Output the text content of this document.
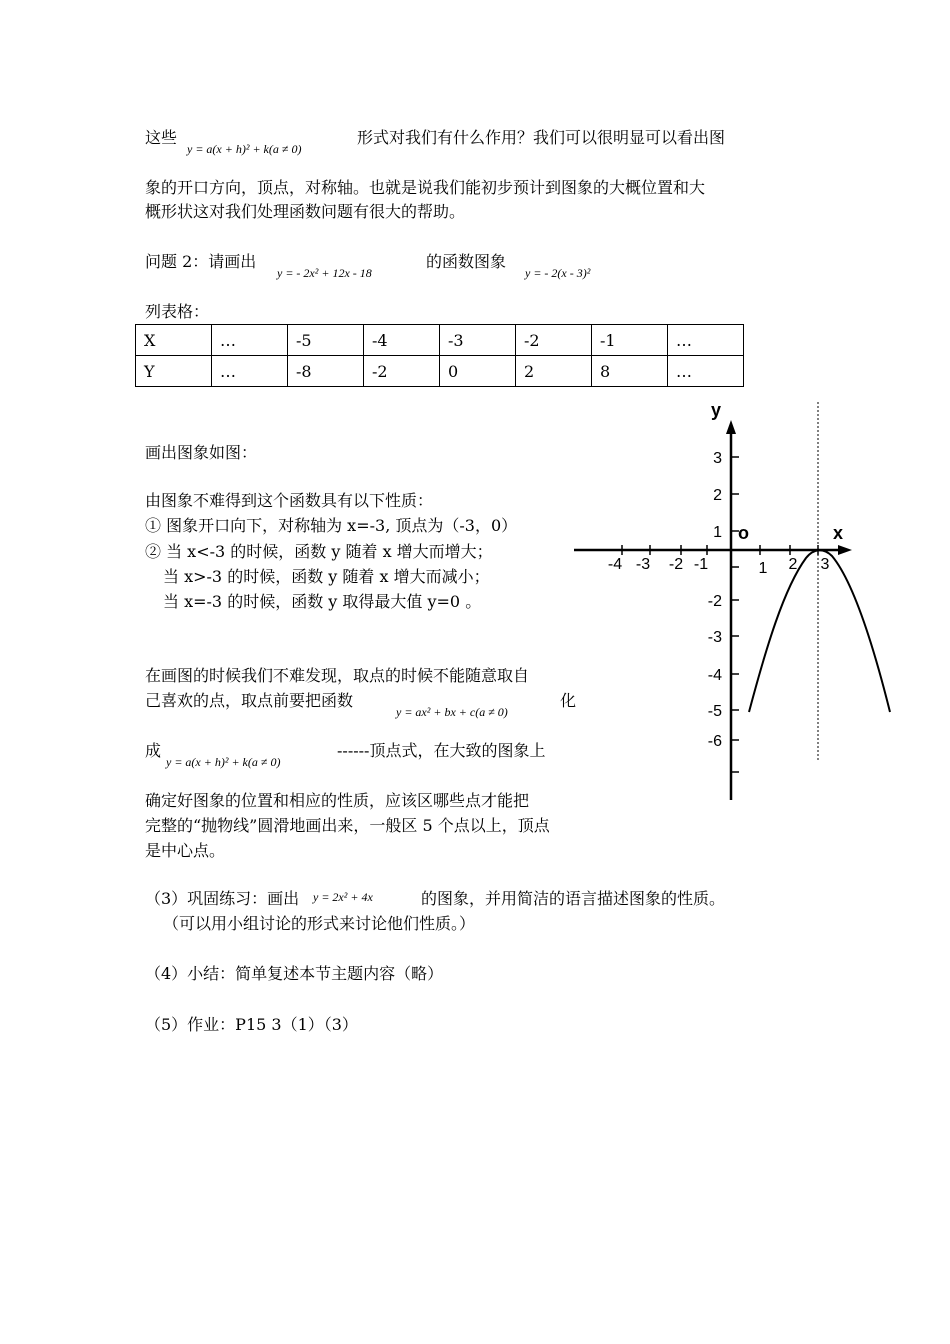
这些
y = a(x + h)² + k(a ≠ 0)
形式对我们有什么作用？我们可以很明显可以看出图
象的开口方向，顶点，对称轴。也就是说我们能初步预计到图象的大概位置和大
概形状这对我们处理函数问题有很大的帮助。
问题 2：请画出
y = - 2x² + 12x - 18
的函数图象
y = - 2(x - 3)²
列表格：
X	…	-5	-4	-3	-2	-1	…
Y	…	-8	-2	0	2	8	…
画出图象如图：
由图象不难得到这个函数具有以下性质：
① 图象开口向下，对称轴为 x=-3, 顶点为（-3，0）
② 当 x<-3 的时候，函数 y 随着 x 增大而增大；
当 x>-3 的时候，函数 y 随着 x 增大而减小；
当 x=-3 的时候，函数 y 取得最大值 y=0 。
在画图的时候我们不难发现，取点的时候不能随意取自
己喜欢的点，取点前要把函数
y = ax² + bx + c(a ≠ 0)
化
成
y = a(x + h)² + k(a ≠ 0)
------顶点式，在大致的图象上
确定好图象的位置和相应的性质，应该区哪些点才能把
完整的“抛物线”圆滑地画出来，一般区 5 个点以上，顶点
是中心点。
（3）巩固练习：画出 y = 2x² + 4x	的图象，并用简洁的语言描述图象的性质。
（可以用小组讨论的形式来讨论他们性质。）
（4）小结：简单复述本节主题内容（略）
（5）作业：P15 3（1）（3）
y
x
o
-4 -3 -2 -1	1 2 3
3
2
1
-2
-3
-4
-5
-6
